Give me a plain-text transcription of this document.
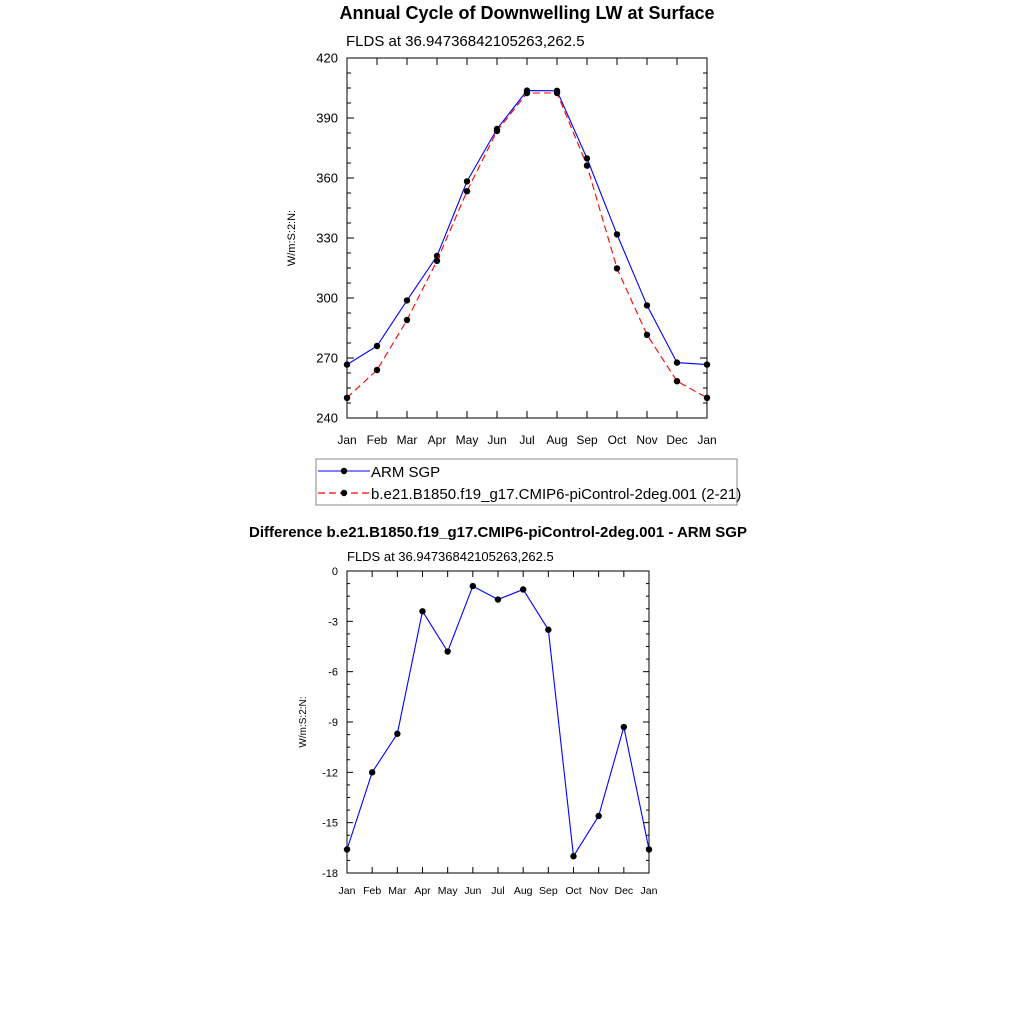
Annual Cycle of Downwelling LW at Surface
FLDS at 36.94736842105263,262.5
W/m:S:2:N:
Jan Feb Mar Apr May Jun Jul Aug Sep Oct Nov Dec Jan
240
270
300
330
360
390
420
ARM SGP
b.e21.B1850.f19_g17.CMIP6-piControl-2deg.001 (2-21)
Difference b.e21.B1850.f19_g17.CMIP6-piControl-2deg.001 - ARM SGP
FLDS at 36.94736842105263,262.5
W/m:S:2:N:
Jan Feb Mar Apr May Jun Jul Aug Sep Oct Nov Dec Jan
-18
-15
-12
-9
-6
-3
0
